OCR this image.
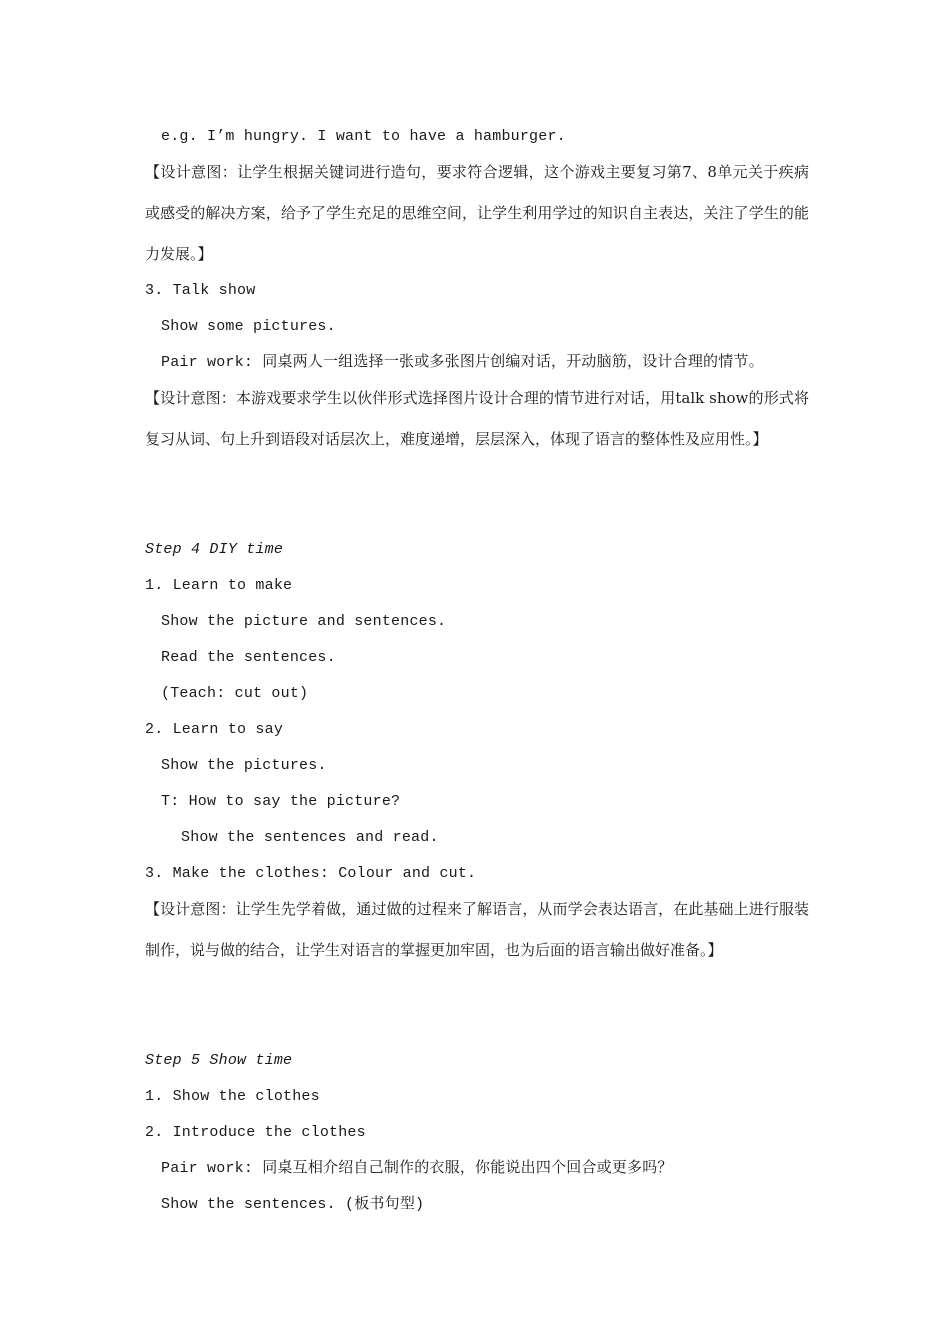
e.g. I’m hungry. I want to have a hamburger.

【设计意图：让学生根据关键词进行造句，要求符合逻辑，这个游戏主要复习第7、8单元关于疾病或感受的解决方案，给予了学生充足的思维空间，让学生利用学过的知识自主表达，关注了学生的能力发展。】

3. Talk show
Show some pictures.
Pair work: 同桌两人一组选择一张或多张图片创编对话，开动脑筋，设计合理的情节。

【设计意图：本游戏要求学生以伙伴形式选择图片设计合理的情节进行对话，用talk show的形式将复习从词、句上升到语段对话层次上，难度递增，层层深入，体现了语言的整体性及应用性。】

Step 4 DIY time
1. Learn to make
Show the picture and sentences.
Read the sentences.
(Teach: cut out)
2. Learn to say
Show the pictures.
T: How to say the picture?
Show the sentences and read.
3. Make the clothes: Colour and cut.

【设计意图：让学生先学着做，通过做的过程来了解语言，从而学会表达语言，在此基础上进行服装制作，说与做的结合，让学生对语言的掌握更加牢固，也为后面的语言输出做好准备。】

Step 5 Show time
1. Show the clothes
2. Introduce the clothes
Pair work: 同桌互相介绍自己制作的衣服，你能说出四个回合或更多吗？
Show the sentences. (板书句型)
